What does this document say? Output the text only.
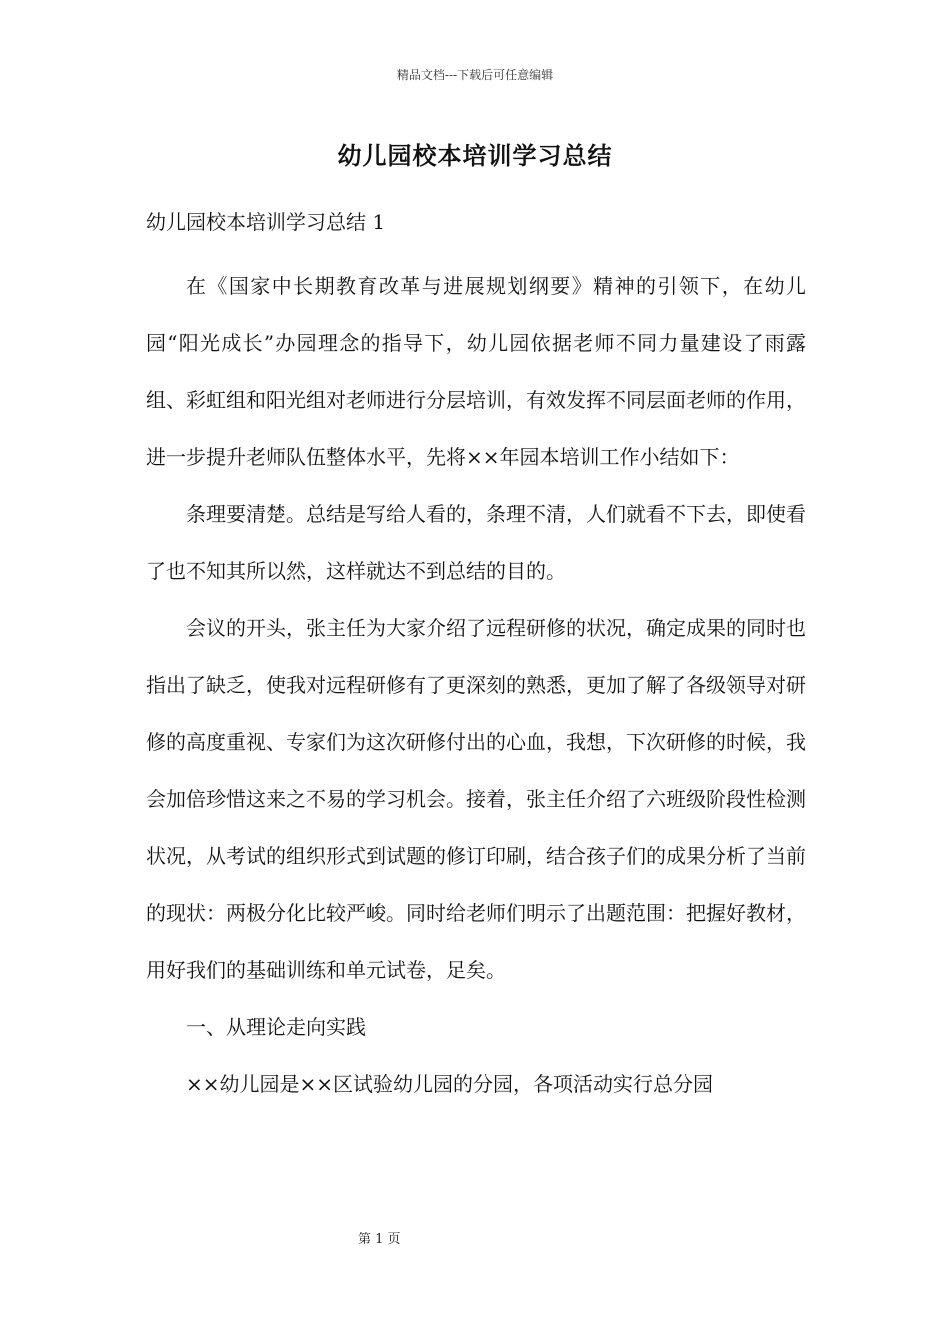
精品文档---下载后可任意编辑
幼儿园校本培训学习总结
幼儿园校本培训学习总结 1

在《国家中长期教育改革与进展规划纲要》精神的引领下，在幼儿园“阳光成长”办园理念的指导下，幼儿园依据老师不同力量建设了雨露组、彩虹组和阳光组对老师进行分层培训，有效发挥不同层面老师的作用，进一步提升老师队伍整体水平，先将××年园本培训工作小结如下：

条理要清楚。总结是写给人看的，条理不清，人们就看不下去，即使看了也不知其所以然，这样就达不到总结的目的。

会议的开头，张主任为大家介绍了远程研修的状况，确定成果的同时也指出了缺乏，使我对远程研修有了更深刻的熟悉，更加了解了各级领导对研修的高度重视、专家们为这次研修付出的心血，我想，下次研修的时候，我会加倍珍惜这来之不易的学习机会。接着，张主任介绍了六班级阶段性检测状况，从考试的组织形式到试题的修订印刷，结合孩子们的成果分析了当前的现状：两极分化比较严峻。同时给老师们明示了出题范围：把握好教材，用好我们的基础训练和单元试卷，足矣。

一、从理论走向实践

××幼儿园是××区试验幼儿园的分园，各项活动实行总分园

第 1 页
